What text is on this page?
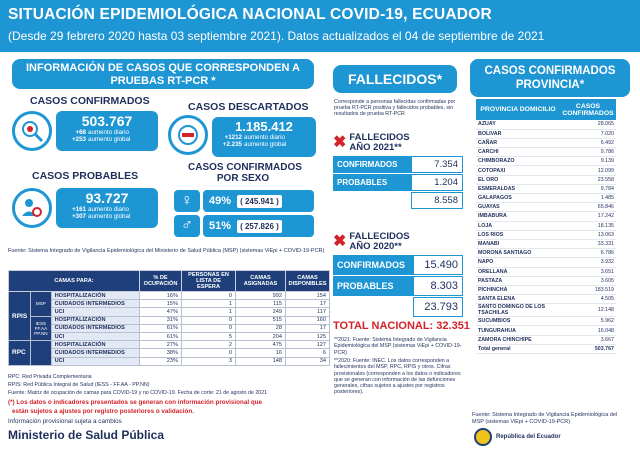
SITUACIÓN EPIDEMIOLÓGICA NACIONAL COVID-19, ECUADOR
(Desde 29 febrero 2020 hasta 03 septiembre 2021). Datos actualizados el 04 de septiembre de 2021
INFORMACIÓN DE CASOS QUE CORRESPONDEN A
PRUEBAS RT-PCR *
CASOS CONFIRMADOS
503.767
+68 aumento diario
+253 aumento global
CASOS DESCARTADOS
1.185.412
+1212 aumento diario
+2.235 aumento global
CASOS PROBABLES
93.727
+161 aumento diario
+307 aumento global
CASOS CONFIRMADOS
POR SEXO
♀	49% ( 245.941 )
♂	51% ( 257.826 )
Fuente: Sistema Integrado de Vigilancia Epidemiológica del Ministerio de Salud Pública (MSP) (sistemas ViEpi + COVID-19-PCR)
CAMAS PARA:			% DE OCUPACIÓN	PERSONAS EN LISTA DE ESPERA	CAMAS ASIGNADAS	CAMAS DISPONIBLES
RPIS	MSP	HOSPITALIZACIÓN	16%	0	992	154
		CUIDADOS INTERMEDIOS	15%	1	115	17
		UCI	47%	1	249	117
	IESS FF.AA PP.NN	HOSPITALIZACIÓN	31%	0	515	160
		CUIDADOS INTERMEDIOS	61%	0	28	17
		UCI	61%	5	204	125
RPC		HOSPITALIZACIÓN	27%	2	475	127
		CUIDADOS INTERMEDIOS	38%	0	16	6
		UCI	23%	3	148	34
RPC: Red Privada Complementaria
RPIS: Red Pública Integral de Salud (IESS - FF.AA - PP.NN)
Fuente: Matriz de ocupación de camas para COVID-19 y no COVID-19. Fecha de corte: 21 de agosto de 2021
(*) Los datos o indicadores presentados se generan con información provisional que
están sujetos a ajustes por registro posteriores o validación.
Información provisional sujeta a cambios
Ministerio de Salud Pública
FALLECIDOS*
Corresponde a personas fallecidas confirmadas por prueba RT-PCR positiva y fallecidos probables, sin resultados de prueba RT-PCR
✖ FALLECIDOS
AÑO 2021**
CONFIRMADOS	7.354
PROBABLES	1.204
8.558
✖ FALLECIDOS
AÑO 2020**
CONFIRMADOS	15.490
PROBABLES	8.303
23.793
TOTAL NACIONAL: 32.351
**2021: Fuente: Sistema Integrado de Vigilancia Epidemiológica del MSP (sistemas ViEpi + COVID-19-PCR)
**2020: Fuente: INEC. Los datos corresponden a fallecimientos del MSP, RPC, RPIS y otros. Cifras provisionales (corresponden a los datos o indicadores que se generan con información de las defunciones generales, cifras sujetos a ajustes por registros posteriores).
CASOS CONFIRMADOS
PROVINCIA*
PROVINCIA DOMICILIO	CASOS CONFIRMADOS
AZUAY	28.065
BOLIVAR	7.020
CAÑAR	6.492
CARCHI	9.786
CHIMBORAZO	9.139
COTOPAXI	12.099
EL ORO	23.558
ESMERALDAS	9.784
GALAPAGOS	1.485
GUAYAS	65.846
IMBABURA	17.242
LOJA	18.135
LOS RIOS	13.063
MANABI	33.331
MORONA SANTIAGO	6.786
NAPO	3.932
ORELLANA	3.651
PASTAZA	3.605
PICHINCHA	183.519
SANTA ELENA	4.505
SANTO DOMINGO DE LOS TSACHILAS	12.148
SUCUMBIOS	5.962
TUNGURAHUA	16.048
ZAMORA CHINCHIPE	3.667
Total general	503.767
Fuente: Sistema Integrado de Vigilancia Epidemiológica del MSP (sistemas ViEpi + COVID-19-PCR)
República del Ecuador
